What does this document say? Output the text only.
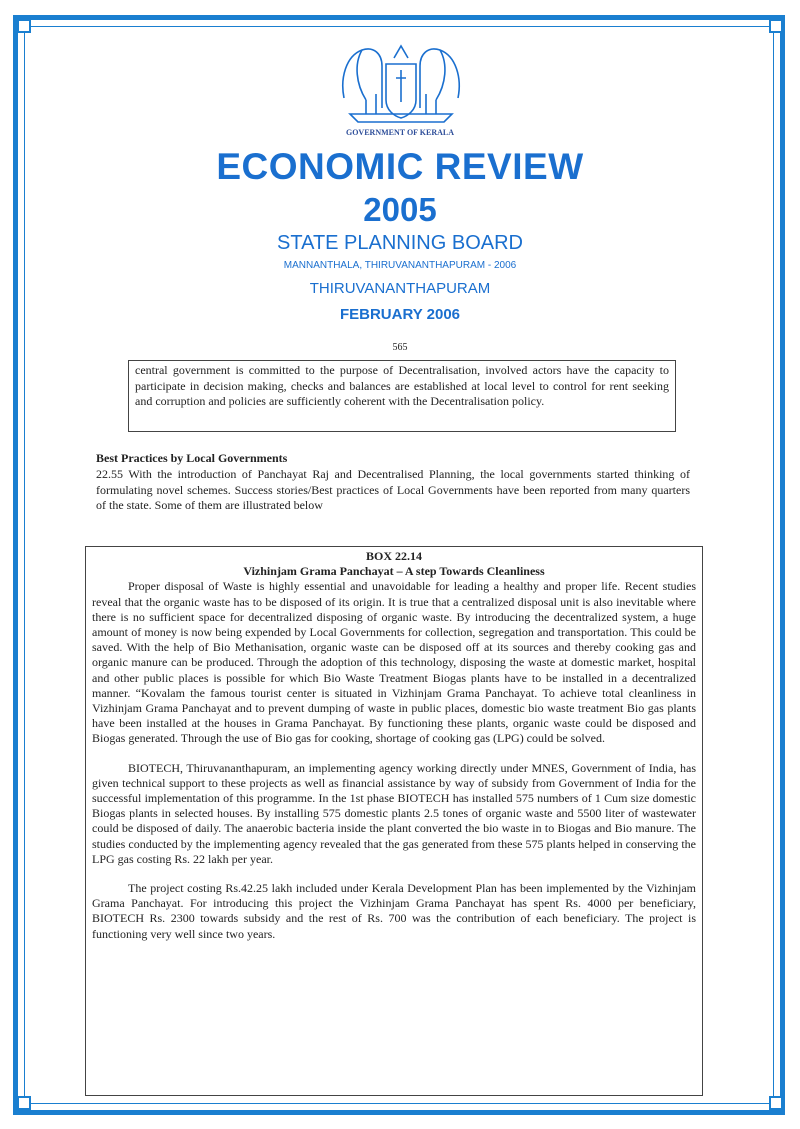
GOVERNMENT OF KERALA
ECONOMIC REVIEW
2005
STATE PLANNING BOARD
MANNANTHALA, THIRUVANANTHAPURAM - 2006
THIRUVANANTHAPURAM
FEBRUARY 2006
565
central government is committed to the purpose of Decentralisation, involved actors have the capacity to participate in decision making, checks and balances are established at local level to control for rent seeking and corruption and policies are sufficiently coherent with the Decentralisation policy.
Best Practices by Local Governments
22.55 With the introduction of Panchayat Raj and Decentralised Planning, the local governments started thinking of formulating novel schemes. Success stories/Best practices of Local Governments have been reported from many quarters of the state. Some of them are illustrated below
BOX 22.14
Vizhinjam Grama Panchayat – A step Towards Cleanliness

Proper disposal of Waste is highly essential and unavoidable for leading a healthy and proper life. Recent studies reveal that the organic waste has to be disposed of its origin. It is true that a centralized disposal unit is also inevitable where there is no sufficient space for decentralized disposing of organic waste. By introducing the decentralized system, a huge amount of money is now being expended by Local Governments for collection, segregation and transportation. This could be saved. With the help of Bio Methanisation, organic waste can be disposed off at its sources and thereby cooking gas and organic manure can be produced. Through the adoption of this technology, disposing the waste at domestic market, hospital and other public places is possible for which Bio Waste Treatment Biogas plants have to be installed in a decentralized manner. “Kovalam the famous tourist center is situated in Vizhinjam Grama Panchayat. To achieve total cleanliness in Vizhinjam Grama Panchayat and to prevent dumping of waste in public places, domestic bio waste treatment Bio gas plants have been installed at the houses in Grama Panchayat. By functioning these plants, organic waste could be disposed and Biogas generated. Through the use of Bio gas for cooking, shortage of cooking gas (LPG) could be solved.

BIOTECH, Thiruvananthapuram, an implementing agency working directly under MNES, Government of India, has given technical support to these projects as well as financial assistance by way of subsidy from Government of India for the successful implementation of this programme. In the 1st phase BIOTECH has installed 575 numbers of 1 Cum size domestic Biogas plants in selected houses. By installing 575 domestic plants 2.5 tones of organic waste and 5500 liter of wastewater could be disposed of daily. The anaerobic bacteria inside the plant converted the bio waste in to Biogas and Bio manure. The studies conducted by the implementing agency revealed that the gas generated from these 575 plants helped in conserving the LPG gas costing Rs. 22 lakh per year.

The project costing Rs.42.25 lakh included under Kerala Development Plan has been implemented by the Vizhinjam Grama Panchayat. For introducing this project the Vizhinjam Grama Panchayat has spent Rs. 4000 per beneficiary, BIOTECH Rs. 2300 towards subsidy and the rest of Rs. 700 was the contribution of each beneficiary. The project is functioning very well since two years.
